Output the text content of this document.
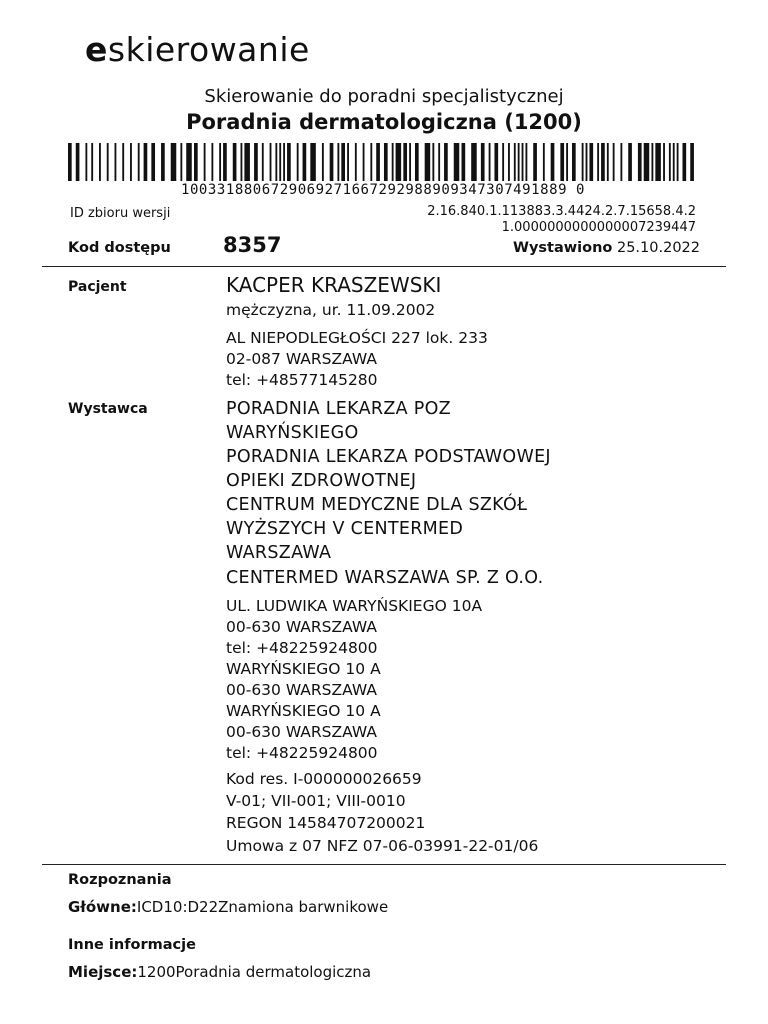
eskierowanie
Skierowanie do poradni specjalistycznej
Poradnia dermatologiczna (1200)
1003318806729069271667292988909347307491889 0
ID zbioru wersji	2.16.840.1.113883.3.4424.2.7.15658.4.2
1.0000000000000007239447
Kod dostępu 8357	Wystawiono 25.10.2022
Pacjent	KACPER KRASZEWSKI
mężczyzna, ur. 11.09.2002
AL NIEPODLEGŁOŚCI 227 lok. 233
02-087 WARSZAWA
tel: +48577145280
Wystawca	PORADNIA LEKARZA POZ
WARYŃSKIEGO
PORADNIA LEKARZA PODSTAWOWEJ
OPIEKI ZDROWOTNEJ
CENTRUM MEDYCZNE DLA SZKÓŁ
WYŻSZYCH V CENTERMED
WARSZAWA
CENTERMED WARSZAWA SP. Z O.O.
UL. LUDWIKA WARYŃSKIEGO 10A
00-630 WARSZAWA
tel: +48225924800
WARYŃSKIEGO 10 A
00-630 WARSZAWA
WARYŃSKIEGO 10 A
00-630 WARSZAWA
tel: +48225924800
Kod res. I-000000026659
V-01; VII-001; VIII-0010
REGON 14584707200021
Umowa z 07 NFZ 07-06-03991-22-01/06
Rozpoznania
Główne:ICD10:D22Znamiona barwnikowe
Inne informacje
Miejsce:1200Poradnia dermatologiczna
